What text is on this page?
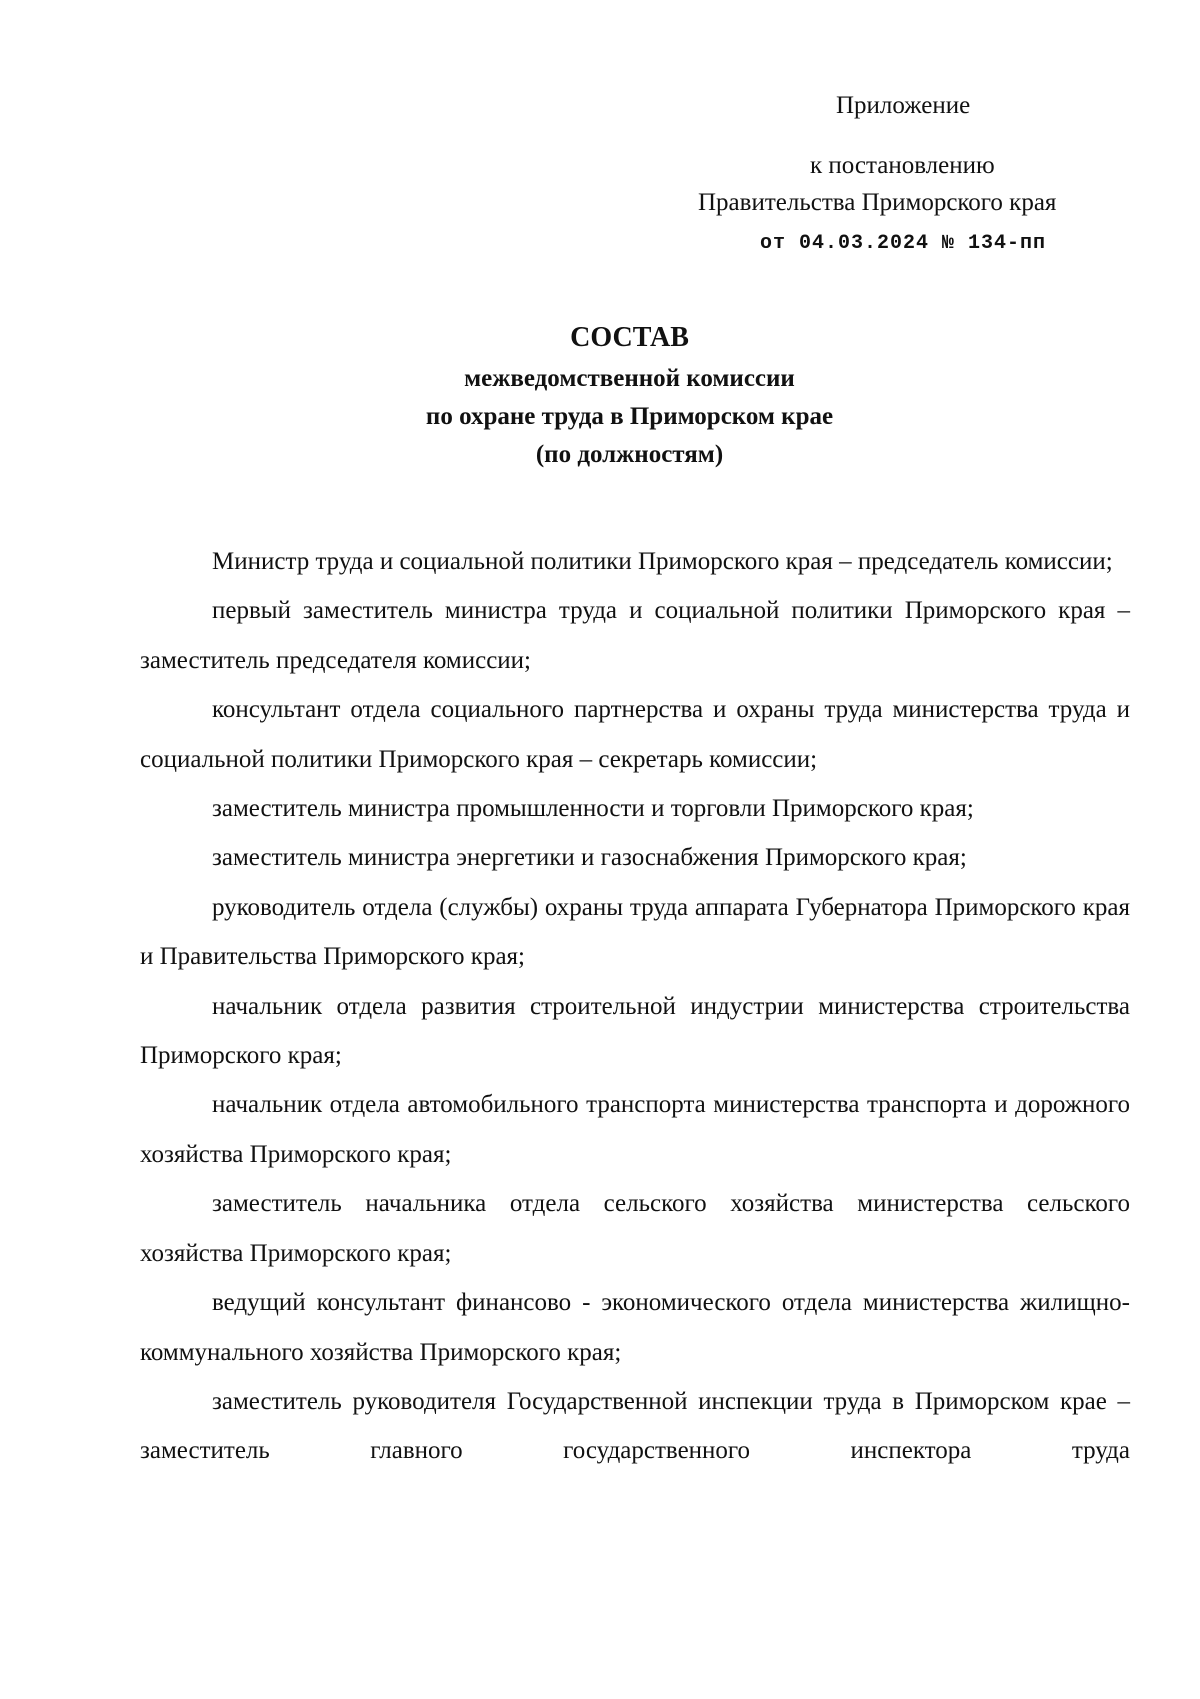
Приложение
к постановлению
Правительства Приморского края
от 04.03.2024 № 134-пп
СОСТАВ
межведомственной комиссии
по охране труда в Приморском крае
(по должностям)

Министр труда и социальной политики Приморского края – председатель комиссии;

первый заместитель министра труда и социальной политики Приморского края – заместитель председателя комиссии;

консультант отдела социального партнерства и охраны труда министерства труда и социальной политики Приморского края – секретарь комиссии;

заместитель министра промышленности и торговли Приморского края;

заместитель министра энергетики и газоснабжения Приморского края;

руководитель отдела (службы) охраны труда аппарата Губернатора Приморского края и Правительства Приморского края;

начальник отдела развития строительной индустрии министерства строительства Приморского края;

начальник отдела автомобильного транспорта министерства транспорта и дорожного хозяйства Приморского края;

заместитель начальника отдела сельского хозяйства министерства сельского хозяйства Приморского края;

ведущий консультант финансово - экономического отдела министерства жилищно-коммунального хозяйства Приморского края;

заместитель руководителя Государственной инспекции труда в Приморском крае – заместитель главного государственного инспектора труда
